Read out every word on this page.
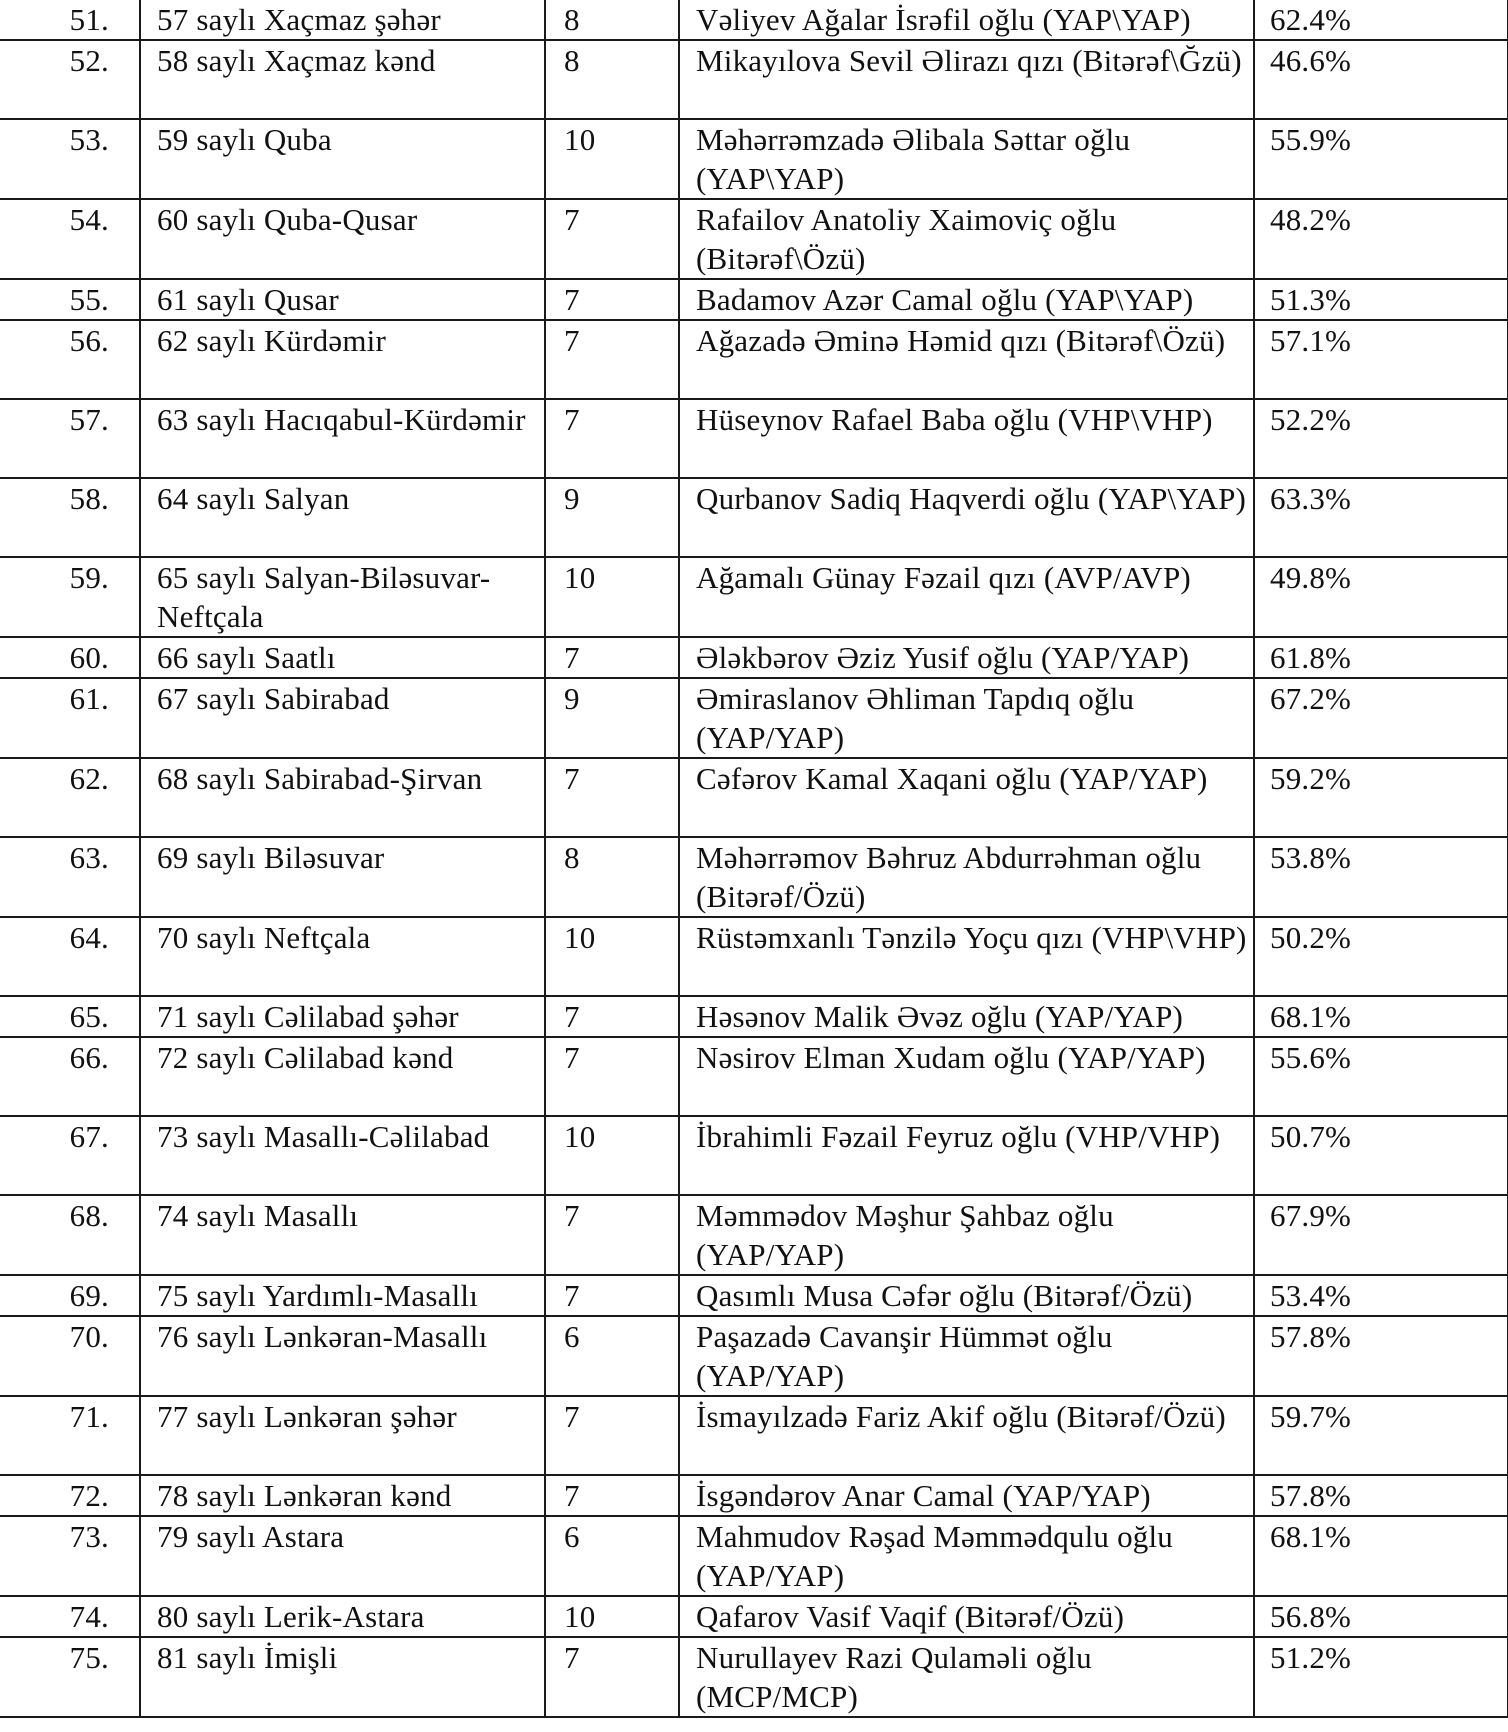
51.	57 saylı Xaçmaz şəhər	8	Vəliyev Ağalar İsrəfil oğlu (YAP\YAP)	62.4%
52.	58 saylı Xaçmaz kənd	8	Mikayılova Sevil Əlirazı qızı (Bitərəf\Ğzü)	46.6%
53.	59 saylı Quba	10	Məhərrəmzadə Əlibala Səttar oğlu (YAP\YAP)	55.9%
54.	60 saylı Quba-Qusar	7	Rafailov Anatoliy Xaimoviç oğlu (Bitərəf\Özü)	48.2%
55.	61 saylı Qusar	7	Badamov Azər Camal oğlu (YAP\YAP)	51.3%
56.	62 saylı Kürdəmir	7	Ağazadə Əminə Həmid qızı (Bitərəf\Özü)	57.1%
57.	63 saylı Hacıqabul-Kürdəmir	7	Hüseynov Rafael Baba oğlu (VHP\VHP)	52.2%
58.	64 saylı Salyan	9	Qurbanov Sadiq Haqverdi oğlu (YAP\YAP)	63.3%
59.	65 saylı Salyan-Biləsuvar-Neftçala	10	Ağamalı Günay Fəzail qızı (AVP/AVP)	49.8%
60.	66 saylı Saatlı	7	Ələkbərov Əziz Yusif oğlu (YAP/YAP)	61.8%
61.	67 saylı Sabirabad	9	Əmiraslanov Əhliman Tapdıq oğlu (YAP/YAP)	67.2%
62.	68 saylı Sabirabad-Şirvan	7	Cəfərov Kamal Xaqani oğlu (YAP/YAP)	59.2%
63.	69 saylı Biləsuvar	8	Məhərrəmov Bəhruz Abdurrəhman oğlu (Bitərəf/Özü)	53.8%
64.	70 saylı Neftçala	10	Rüstəmxanlı Tənzilə Yoçu qızı (VHP\VHP)	50.2%
65.	71 saylı Cəlilabad şəhər	7	Həsənov Malik Əvəz oğlu (YAP/YAP)	68.1%
66.	72 saylı Cəlilabad kənd	7	Nəsirov Elman Xudam oğlu (YAP/YAP)	55.6%
67.	73 saylı Masallı-Cəlilabad	10	İbrahimli Fəzail Feyruz oğlu (VHP/VHP)	50.7%
68.	74 saylı Masallı	7	Məmmədov Məşhur Şahbaz oğlu (YAP/YAP)	67.9%
69.	75 saylı Yardımlı-Masallı	7	Qasımlı Musa Cəfər oğlu (Bitərəf/Özü)	53.4%
70.	76 saylı Lənkəran-Masallı	6	Paşazadə Cavanşir Hümmət oğlu (YAP/YAP)	57.8%
71.	77 saylı Lənkəran şəhər	7	İsmayılzadə Fariz Akif oğlu (Bitərəf/Özü)	59.7%
72.	78 saylı Lənkəran kənd	7	İsgəndərov Anar Camal (YAP/YAP)	57.8%
73.	79 saylı Astara	6	Mahmudov Rəşad Məmmədqulu oğlu (YAP/YAP)	68.1%
74.	80 saylı Lerik-Astara	10	Qafarov Vasif Vaqif (Bitərəf/Özü)	56.8%
75.	81 saylı İmişli	7	Nurullayev Razi Qulaməli oğlu (MCP/MCP)	51.2%
